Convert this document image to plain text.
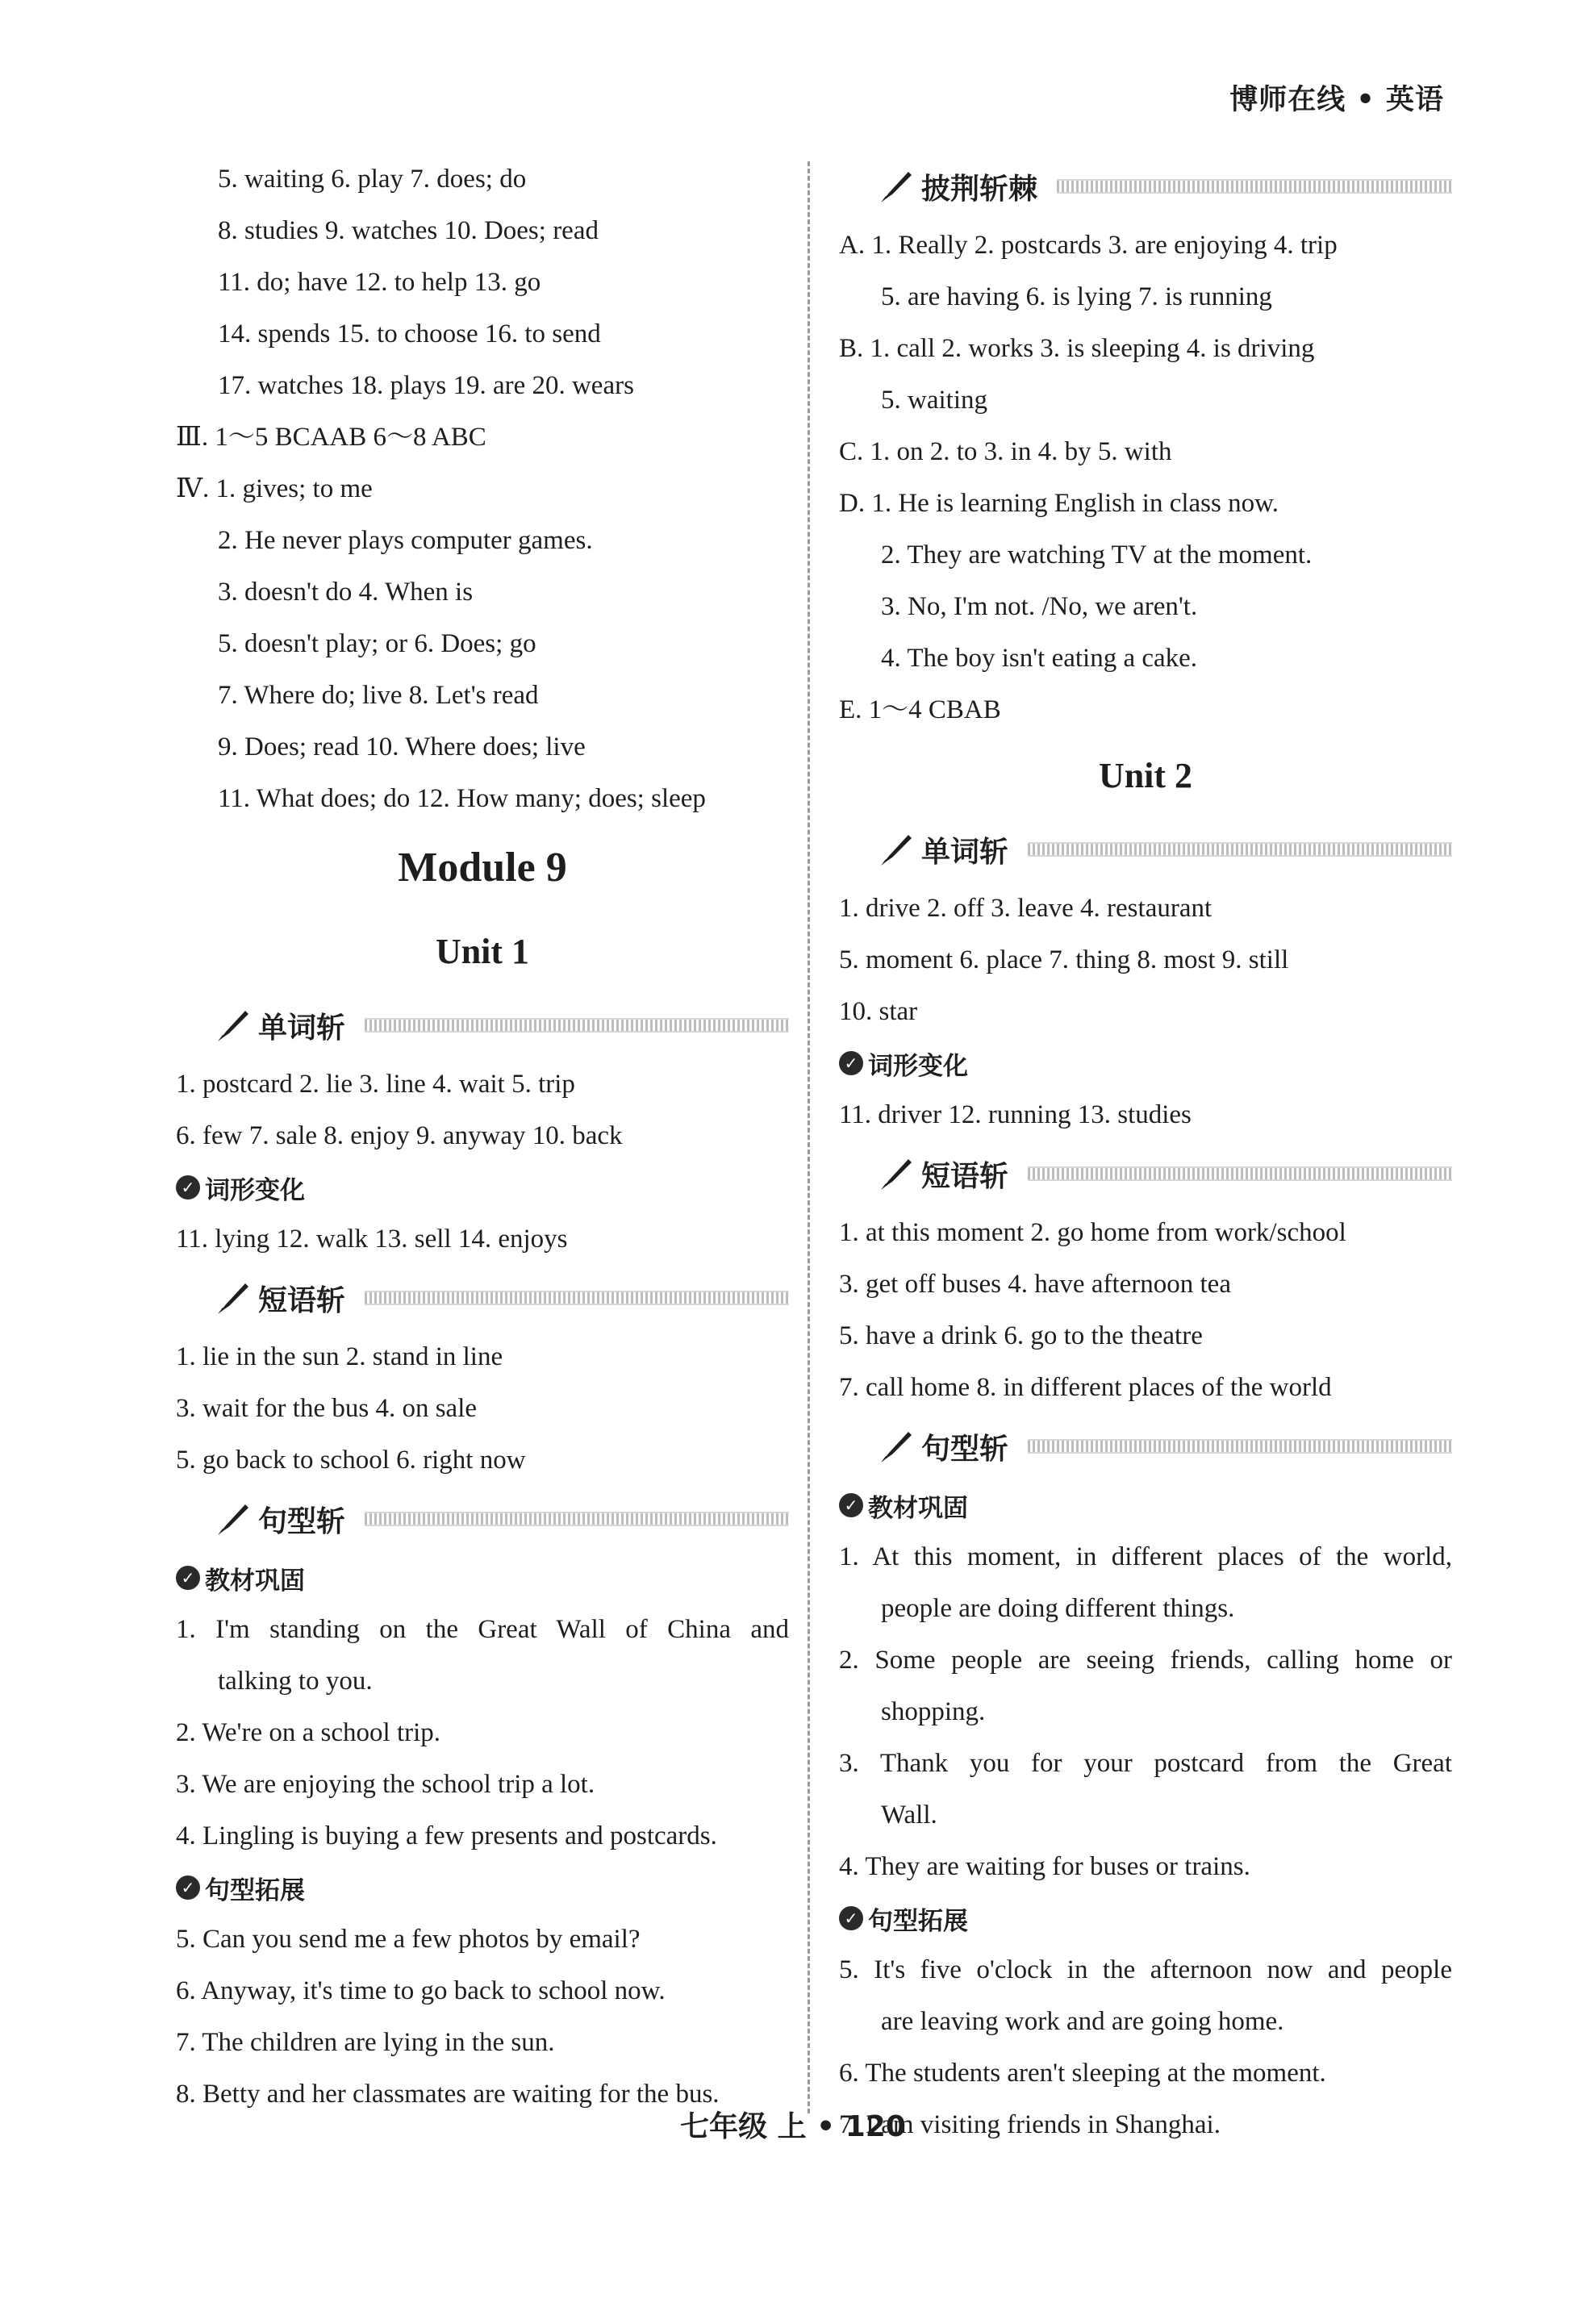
博师在线 • 英语
5. waiting 6. play 7. does; do
8. studies 9. watches 10. Does; read
11. do; have 12. to help 13. go
14. spends 15. to choose 16. to send
17. watches 18. plays 19. are 20. wears
Ⅲ. 1～5 BCAAB 6～8 ABC
Ⅳ. 1. gives; to me
2. He never plays computer games.
3. doesn't do 4. When is
5. doesn't play; or 6. Does; go
7. Where do; live 8. Let's read
9. Does; read 10. Where does; live
11. What does; do 12. How many; does; sleep
Module 9
Unit 1
单词斩
1. postcard 2. lie 3. line 4. wait 5. trip
6. few 7. sale 8. enjoy 9. anyway 10. back
✓ 词形变化
11. lying 12. walk 13. sell 14. enjoys
短语斩
1. lie in the sun 2. stand in line
3. wait for the bus 4. on sale
5. go back to school 6. right now
句型斩
✓ 教材巩固
1. I'm standing on the Great Wall of China and
talking to you.
2. We're on a school trip.
3. We are enjoying the school trip a lot.
4. Lingling is buying a few presents and postcards.
✓ 句型拓展
5. Can you send me a few photos by email?
6. Anyway, it's time to go back to school now.
7. The children are lying in the sun.
8. Betty and her classmates are waiting for the bus.
披荆斩棘
A. 1. Really 2. postcards 3. are enjoying 4. trip
5. are having 6. is lying 7. is running
B. 1. call 2. works 3. is sleeping 4. is driving
5. waiting
C. 1. on 2. to 3. in 4. by 5. with
D. 1. He is learning English in class now.
2. They are watching TV at the moment.
3. No, I'm not. /No, we aren't.
4. The boy isn't eating a cake.
E. 1～4 CBAB
Unit 2
单词斩
1. drive 2. off 3. leave 4. restaurant
5. moment 6. place 7. thing 8. most 9. still
10. star
✓ 词形变化
11. driver 12. running 13. studies
短语斩
1. at this moment 2. go home from work/school
3. get off buses 4. have afternoon tea
5. have a drink 6. go to the theatre
7. call home 8. in different places of the world
句型斩
✓ 教材巩固
1. At this moment, in different places of the world,
people are doing different things.
2. Some people are seeing friends, calling home or
shopping.
3. Thank you for your postcard from the Great
Wall.
4. They are waiting for buses or trains.
✓ 句型拓展
5. It's five o'clock in the afternoon now and people
are leaving work and are going home.
6. The students aren't sleeping at the moment.
7. I am visiting friends in Shanghai.
七年级 上 • 120
